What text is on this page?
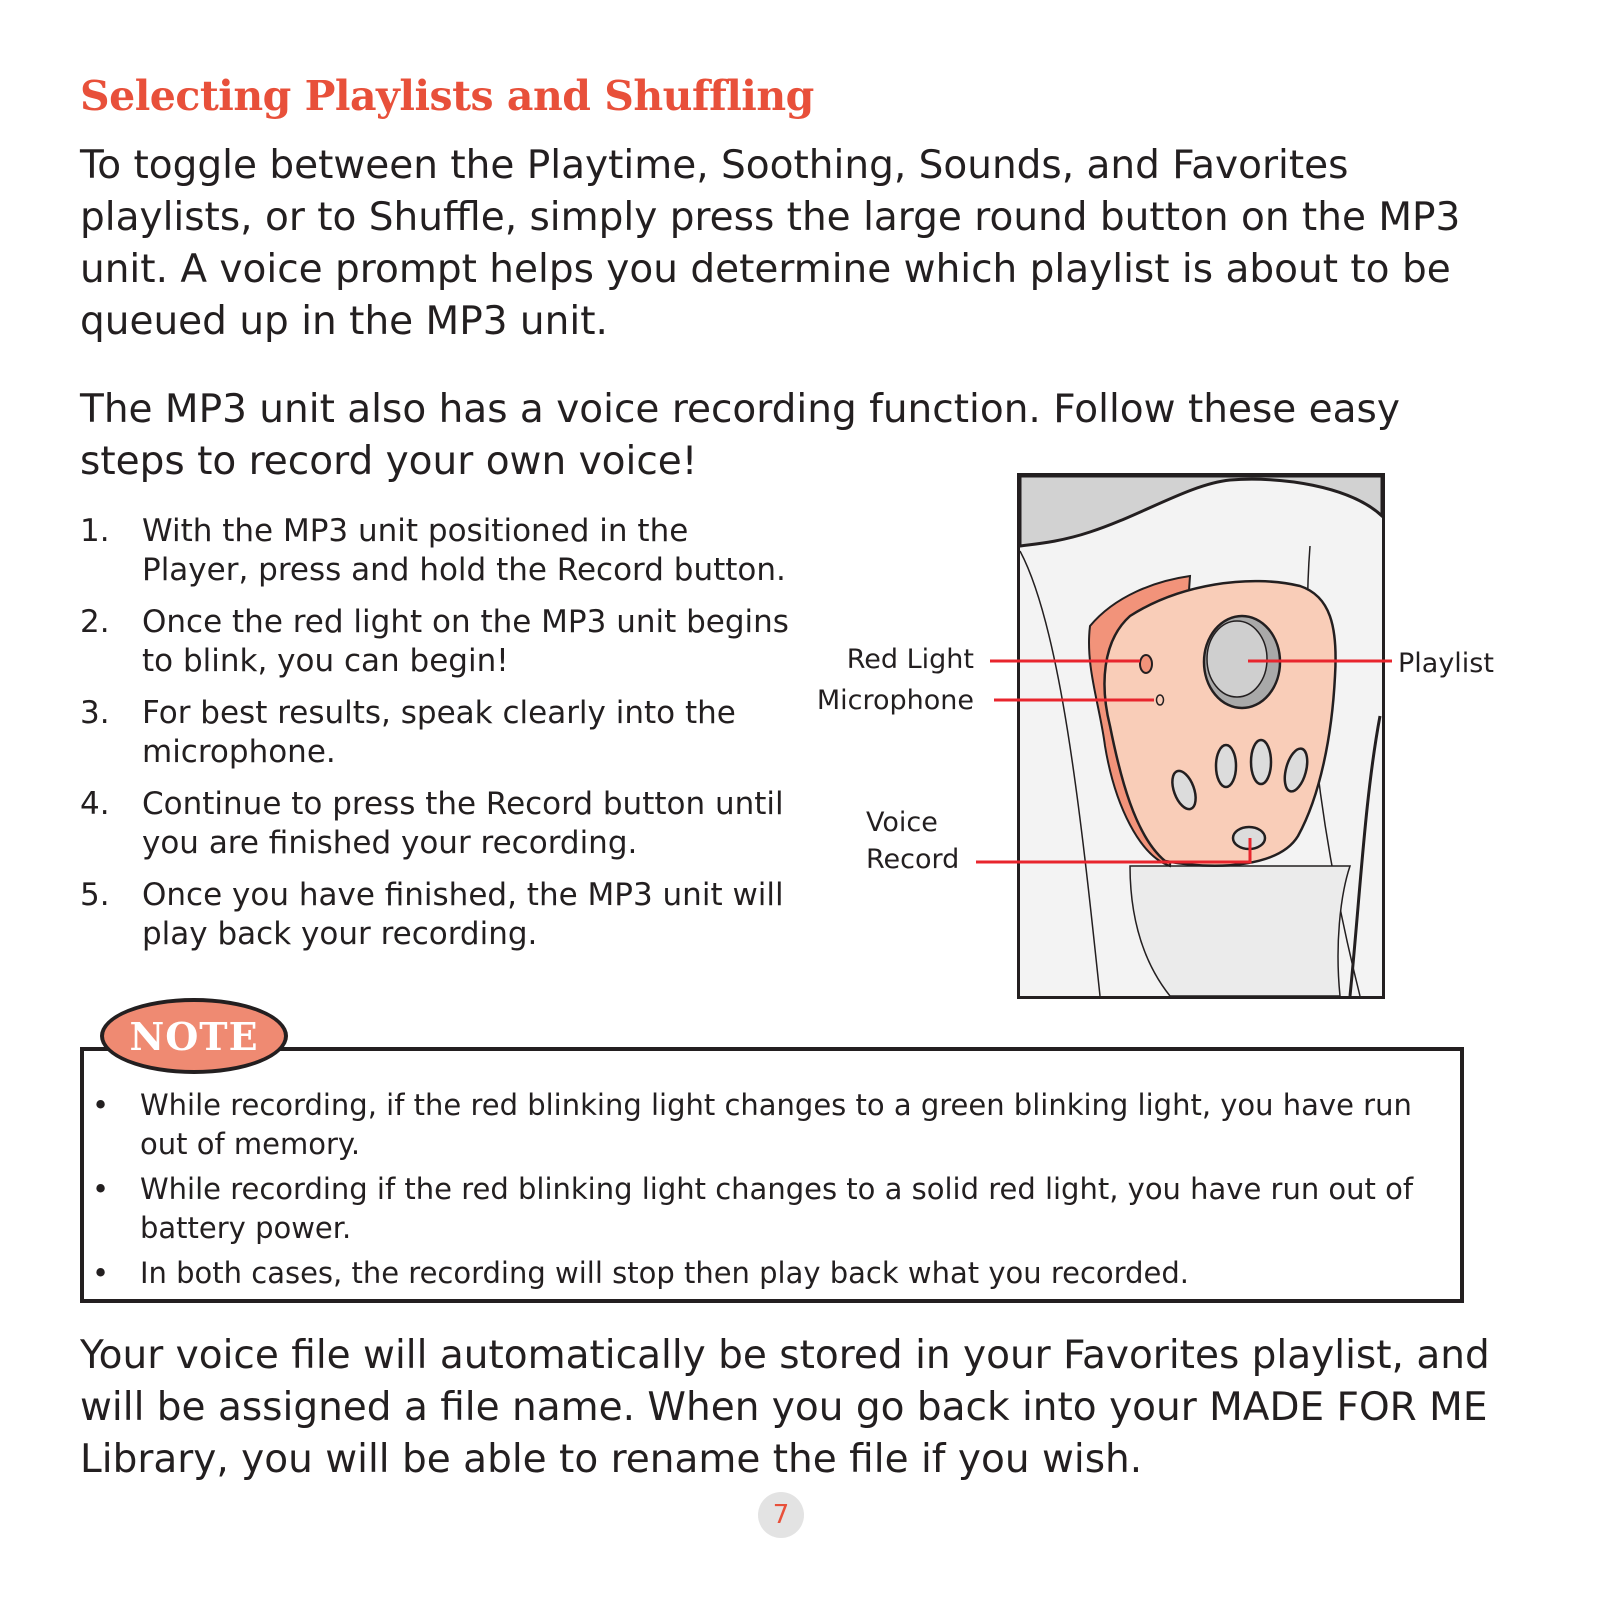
Selecting Playlists and Shuffling

To toggle between the Playtime, Soothing, Sounds, and Favorites playlists, or to Shuffle, simply press the large round button on the MP3 unit. A voice prompt helps you determine which playlist is about to be queued up in the MP3 unit.

The MP3 unit also has a voice recording function. Follow these easy steps to record your own voice!

1. With the MP3 unit positioned in the Player, press and hold the Record button.
2. Once the red light on the MP3 unit begins to blink, you can begin!
3. For best results, speak clearly into the microphone.
4. Continue to press the Record button until you are finished your recording.
5. Once you have finished, the MP3 unit will play back your recording.
Red Light
Microphone
Voice
Record
Playlist
NOTE
• While recording, if the red blinking light changes to a green blinking light, you have run out of memory.
• While recording if the red blinking light changes to a solid red light, you have run out of battery power.
• In both cases, the recording will stop then play back what you recorded.

Your voice file will automatically be stored in your Favorites playlist, and will be assigned a file name. When you go back into your MADE FOR ME Library, you will be able to rename the file if you wish.

7
